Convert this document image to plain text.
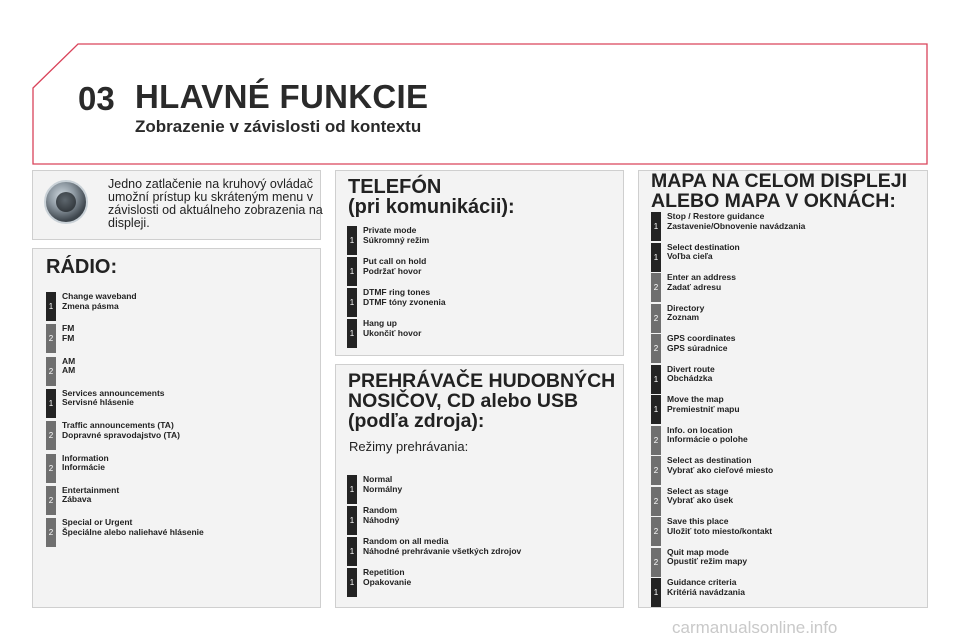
03 HLAVNÉ FUNKCIE
Zobrazenie v závislosti od kontextu
Jedno zatlačenie na kruhový ovládač umožní prístup ku skráteným menu v závislosti od aktuálneho zobrazenia na displeji.
RÁDIO:
1
Change waveband
Zmena pásma
2
FM
FM
2
AM
AM
1
Services announcements
Servisné hlásenie
2
Traffic announcements (TA)
Dopravné spravodajstvo (TA)
2
Information
Informácie
2
Entertainment
Zábava
2
Special or Urgent
Špeciálne alebo naliehavé hlásenie
TELEFÓN
(pri komunikácii):
1
Private mode
Súkromný režim
1
Put call on hold
Podržať hovor
1
DTMF ring tones
DTMF tóny zvonenia
1
Hang up
Ukončiť hovor
PREHRÁVAČE HUDOBNÝCH
NOSIČOV, CD alebo USB
(podľa zdroja):
Režimy prehrávania:
1
Normal
Normálny
1
Random
Náhodný
1
Random on all media
Náhodné prehrávanie všetkých zdrojov
1
Repetition
Opakovanie
MAPA NA CELOM DISPLEJI
ALEBO MAPA V OKNÁCH:
1
Stop / Restore guidance
Zastavenie/Obnovenie navádzania
1
Select destination
Voľba cieľa
2
Enter an address
Zadať adresu
2
Directory
Zoznam
2
GPS coordinates
GPS súradnice
1
Divert route
Obchádzka
1
Move the map
Premiestniť mapu
2
Info. on location
Informácie o polohe
2
Select as destination
Vybrať ako cieľové miesto
2
Select as stage
Vybrať ako úsek
2
Save this place
Uložiť toto miesto/kontakt
2
Quit map mode
Opustiť režim mapy
1
Guidance criteria
Kritériá navádzania
carmanualsonline.info
